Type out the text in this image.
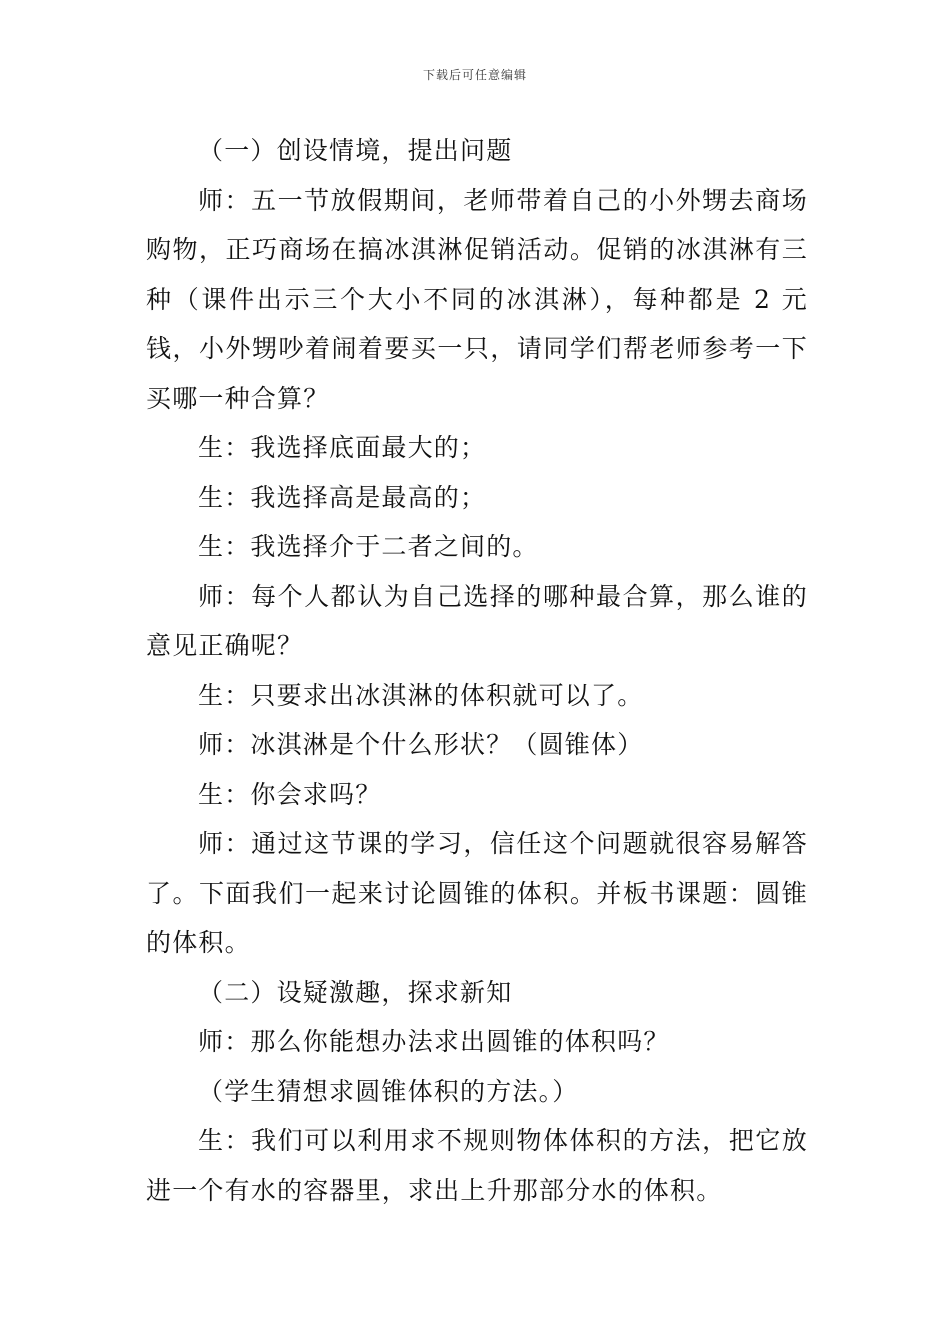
下载后可任意编辑

（一）创设情境，提出问题

师：五一节放假期间，老师带着自己的小外甥去商场购物，正巧商场在搞冰淇淋促销活动。促销的冰淇淋有三种（课件出示三个大小不同的冰淇淋），每种都是 2 元钱，小外甥吵着闹着要买一只，请同学们帮老师参考一下买哪一种合算？

生：我选择底面最大的；

生：我选择高是最高的；

生：我选择介于二者之间的。

师：每个人都认为自己选择的哪种最合算，那么谁的意见正确呢？

生：只要求出冰淇淋的体积就可以了。

师：冰淇淋是个什么形状？（圆锥体）

生：你会求吗？

师：通过这节课的学习，信任这个问题就很容易解答了。下面我们一起来讨论圆锥的体积。并板书课题：圆锥的体积。

（二）设疑激趣，探求新知

师：那么你能想办法求出圆锥的体积吗？

（学生猜想求圆锥体积的方法。）

生：我们可以利用求不规则物体体积的方法，把它放进一个有水的容器里，求出上升那部分水的体积。
